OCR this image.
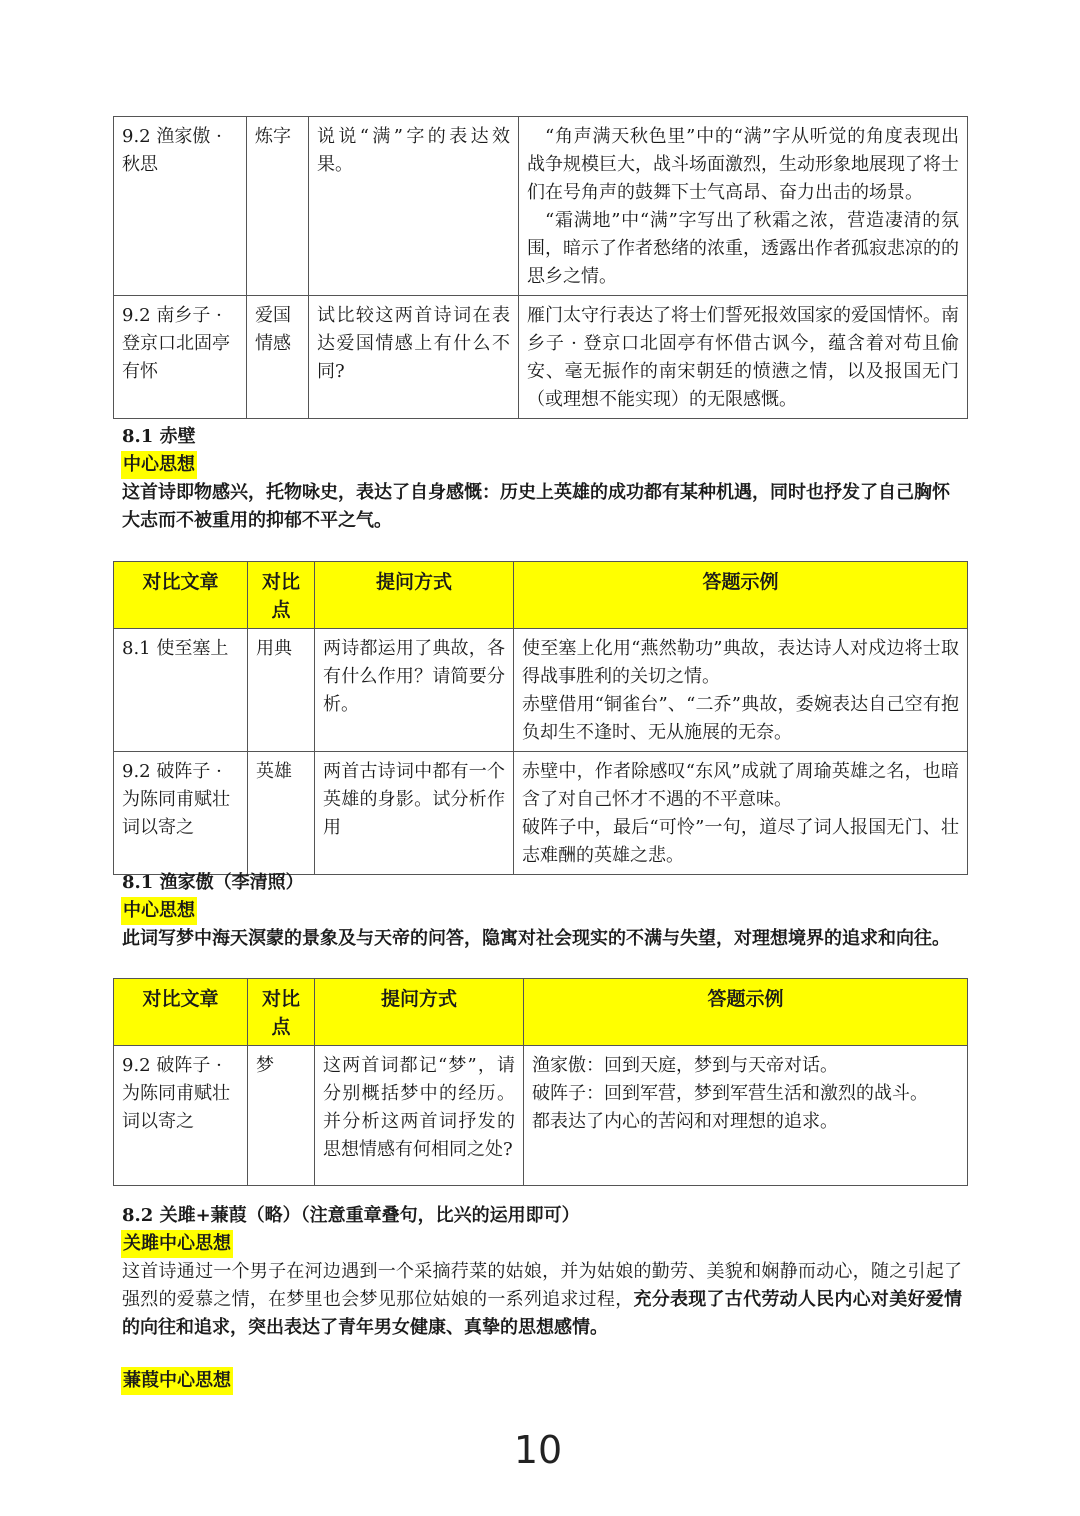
9.2 渔家傲 ·秋思	炼字	说说“满”字的表达效果。	“角声满天秋色里”中的“满”字从听觉的角度表现出战争规模巨大，战斗场面激烈，生动形象地展现了将士们在号角声的鼓舞下士气高昂、奋力出击的场景。
“霜满地”中“满”字写出了秋霜之浓，营造凄清的氛围，暗示了作者愁绪的浓重，透露出作者孤寂悲凉的的思乡之情。

9.2 南乡子 ·登京口北固亭有怀	爱国情感	试比较这两首诗词在表达爱国情感上有什么不同?	雁门太守行表达了将士们誓死报效国家的爱国情怀。南乡子 · 登京口北固亭有怀借古讽今，蕴含着对苟且偷安、毫无振作的南宋朝廷的愤懑之情，以及报国无门（或理想不能实现）的无限感慨。
8.1 赤壁
中心思想
这首诗即物感兴，托物咏史，表达了自身感慨：历史上英雄的成功都有某种机遇，同时也抒发了自己胸怀大志而不被重用的抑郁不平之气。
对比文章	对比点	提问方式	答题示例
8.1 使至塞上	用典	两诗都运用了典故，各有什么作用？请简要分析。	使至塞上化用“燕然勒功”典故，表达诗人对戍边将士取得战事胜利的关切之情。
赤壁借用“铜雀台”、“二乔”典故，委婉表达自己空有抱负却生不逢时、无从施展的无奈。

9.2 破阵子 ·为陈同甫赋壮词以寄之	英雄	两首古诗词中都有一个英雄的身影。试分析作用	赤壁中，作者除感叹“东风”成就了周瑜英雄之名，也暗含了对自己怀才不遇的不平意味。
破阵子中，最后“可怜”一句，道尽了词人报国无门、壮志难酬的英雄之悲。
8.1 渔家傲（李清照）
中心思想
此词写梦中海天溟蒙的景象及与天帝的问答，隐寓对社会现实的不满与失望，对理想境界的追求和向往。
对比文章	对比点	提问方式	答题示例
9.2 破阵子 ·为陈同甫赋壮词以寄之	梦	这两首词都记“梦”，请分别概括梦中的经历。并分析这两首词抒发的思想情感有何相同之处?	渔家傲：回到天庭，梦到与天帝对话。
破阵子：回到军营，梦到军营生活和激烈的战斗。
都表达了内心的苦闷和对理想的追求。
8.2 关雎+蒹葭（略）（注意重章叠句，比兴的运用即可）
关雎中心思想
这首诗通过一个男子在河边遇到一个采摘荇菜的姑娘，并为姑娘的勤劳、美貌和娴静而动心，随之引起了强烈的爱慕之情，在梦里也会梦见那位姑娘的一系列追求过程，充分表现了古代劳动人民内心对美好爱情的向往和追求，突出表达了青年男女健康、真挚的思想感情。
蒹葭中心思想
10
